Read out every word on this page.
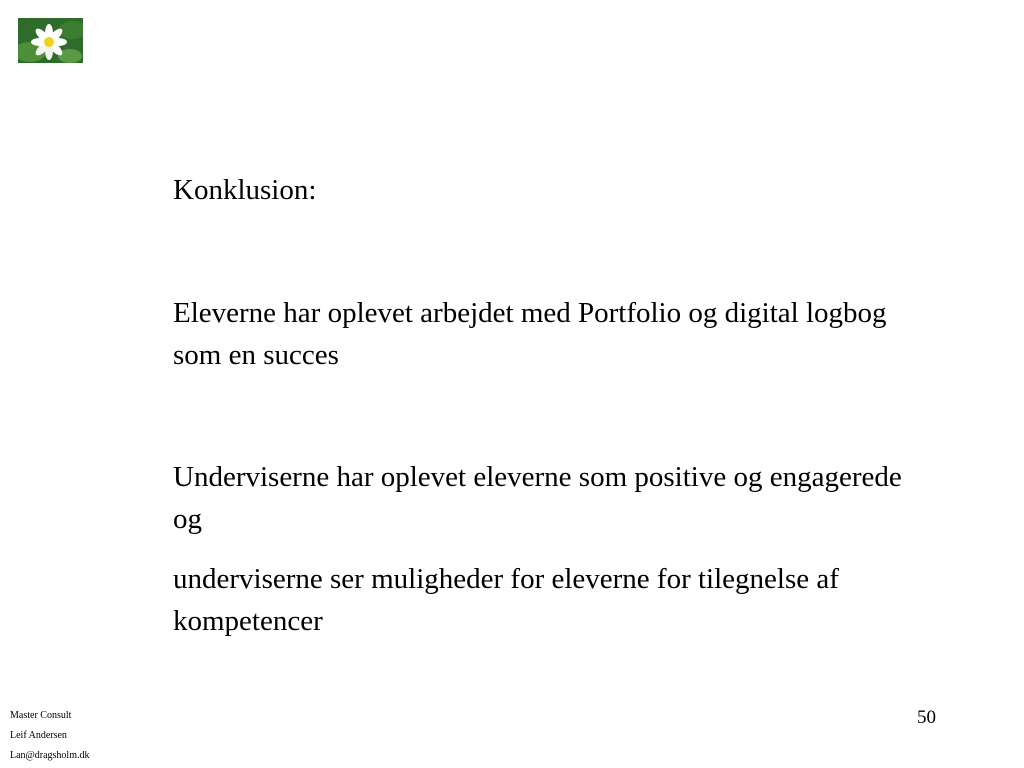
Konklusion:
Eleverne har oplevet arbejdet med Portfolio og digital logbog som en succes
Underviserne har oplevet eleverne som positive og engagerede og
underviserne ser muligheder for eleverne for tilegnelse af kompetencer
50
Master Consult
Leif Andersen
Lan@dragsholm.dk
